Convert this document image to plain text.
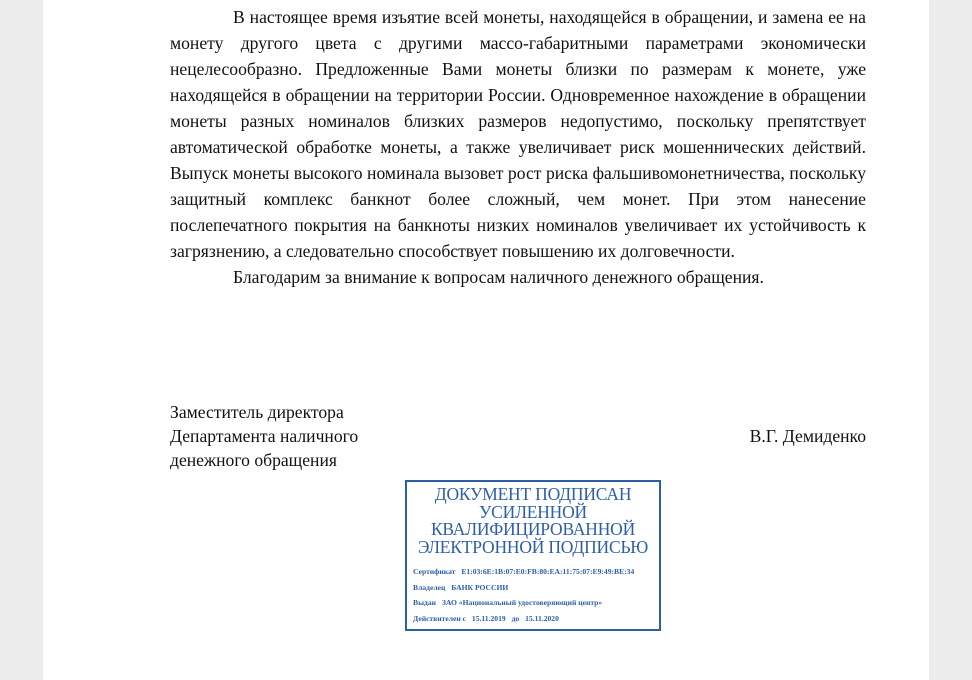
В настоящее время изъятие всей монеты, находящейся в обращении, и замена ее на монету другого цвета с другими массо-габаритными параметрами экономически нецелесообразно. Предложенные Вами монеты близки по размерам к монете, уже находящейся в обращении на территории России. Одновременное нахождение в обращении монеты разных номиналов близких размеров недопустимо, поскольку препятствует автоматической обработке монеты, а также увеличивает риск мошеннических действий. Выпуск монеты высокого номинала вызовет рост риска фальшивомонетничества, поскольку защитный комплекс банкнот более сложный, чем монет. При этом нанесение послепечатного покрытия на банкноты низких номиналов увеличивает их устойчивость к загрязнению, а следовательно способствует повышению их долговечности.

Благодарим за внимание к вопросам наличного денежного обращения.

Заместитель директора
Департамента наличного
денежного обращения
В.Г. Демиденко
ДОКУМЕНТ ПОДПИСАН
УСИЛЕННОЙ
КВАЛИФИЦИРОВАННОЙ
ЭЛЕКТРОННОЙ ПОДПИСЬЮ
Сертификат E1:03:6E:1B:07:E0:FB:80:EA:11:75:07:E9:49:BE:34
Владелец БАНК РОССИИ
Выдан ЗАО «Национальный удостоверяющий центр»
Действителен с 15.11.2019 до 15.11.2020
